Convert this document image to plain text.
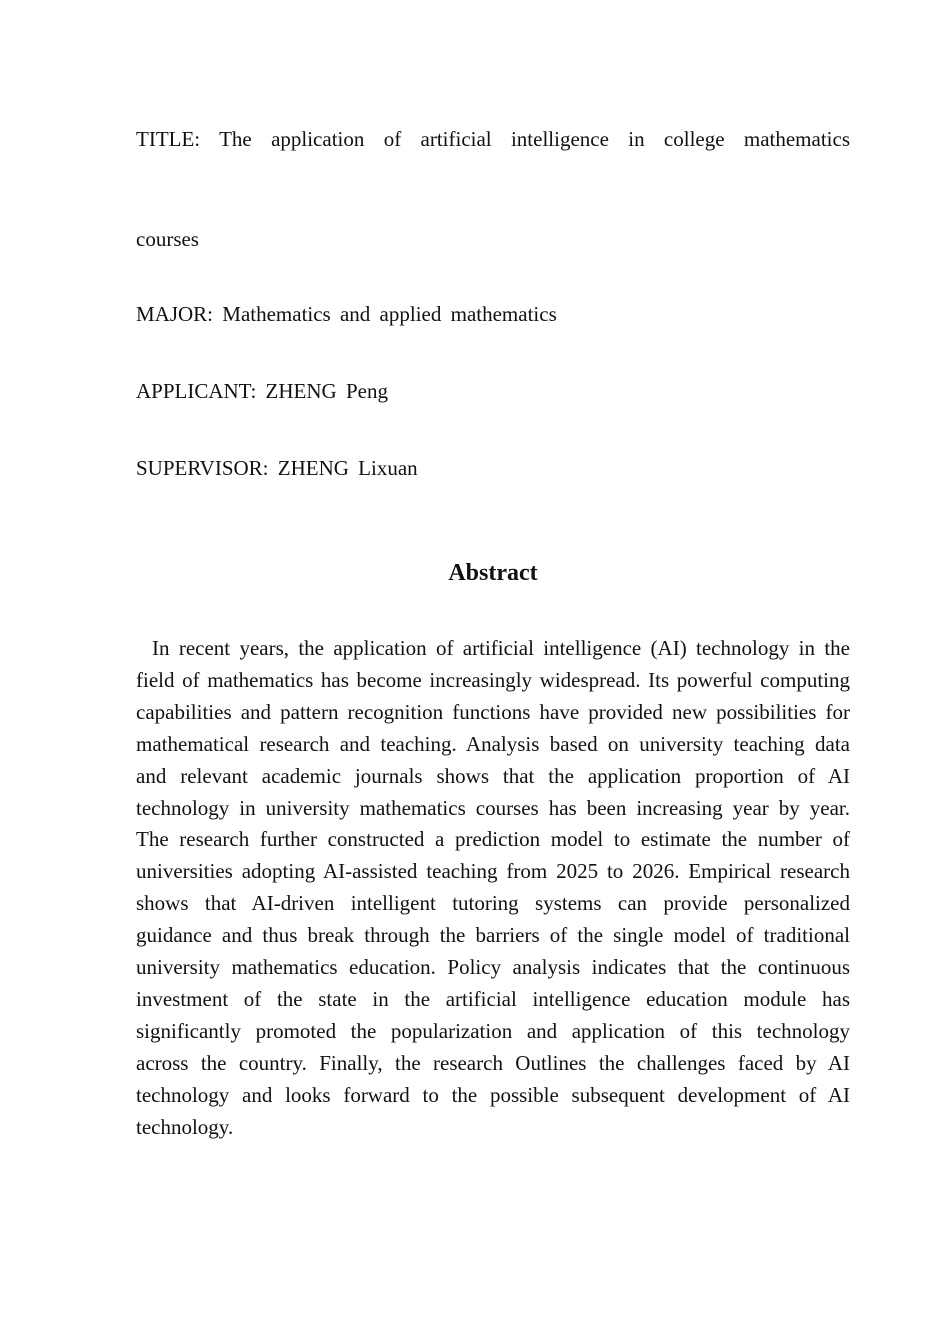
TITLE: The application of artificial intelligence in college mathematics
courses
MAJOR: Mathematics and applied mathematics
APPLICANT: ZHENG Peng
SUPERVISOR: ZHENG Lixuan
Abstract

In recent years, the application of artificial intelligence (AI) technology in the field of mathematics has become increasingly widespread. Its powerful computing capabilities and pattern recognition functions have provided new possibilities for mathematical research and teaching. Analysis based on university teaching data and relevant academic journals shows that the application proportion of AI technology in university mathematics courses has been increasing year by year. The research further constructed a prediction model to estimate the number of universities adopting AI-assisted teaching from 2025 to 2026. Empirical research shows that AI-driven intelligent tutoring systems can provide personalized guidance and thus break through the barriers of the single model of traditional university mathematics education. Policy analysis indicates that the continuous investment of the state in the artificial intelligence education module has significantly promoted the popularization and application of this technology across the country. Finally, the research Outlines the challenges faced by AI technology and looks forward to the possible subsequent development of AI technology.
